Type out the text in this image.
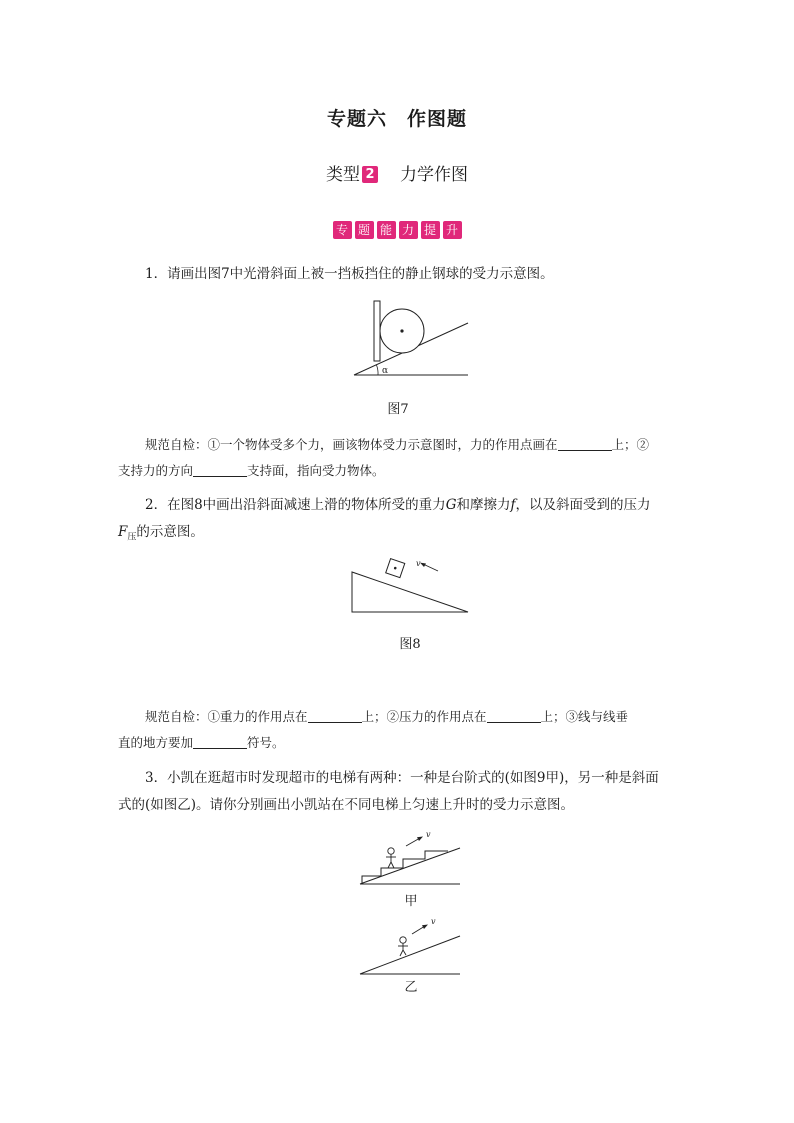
专题六 作图题
类型 2 力学作图
专 题 能 力 提 升
1．请画出图7中光滑斜面上被一挡板挡住的静止钢球的受力示意图。
α
图7
规范自检：①一个物体受多个力，画该物体受力示意图时，力的作用点画在	上；②
支持力的方向	支持面，指向受力物体。
2．在图8中画出沿斜面减速上滑的物体所受的重力G和摩擦力f，以及斜面受到的压力
$F_压$的示意图。
v
图8
规范自检：①重力的作用点在	上；②压力的作用点在	上；③线与线垂
直的地方要加	符号。
3．小凯在逛超市时发现超市的电梯有两种：一种是台阶式的(如图9甲)，另一种是斜面
式的(如图乙)。请你分别画出小凯站在不同电梯上匀速上升时的受力示意图。
v
甲
v
乙
